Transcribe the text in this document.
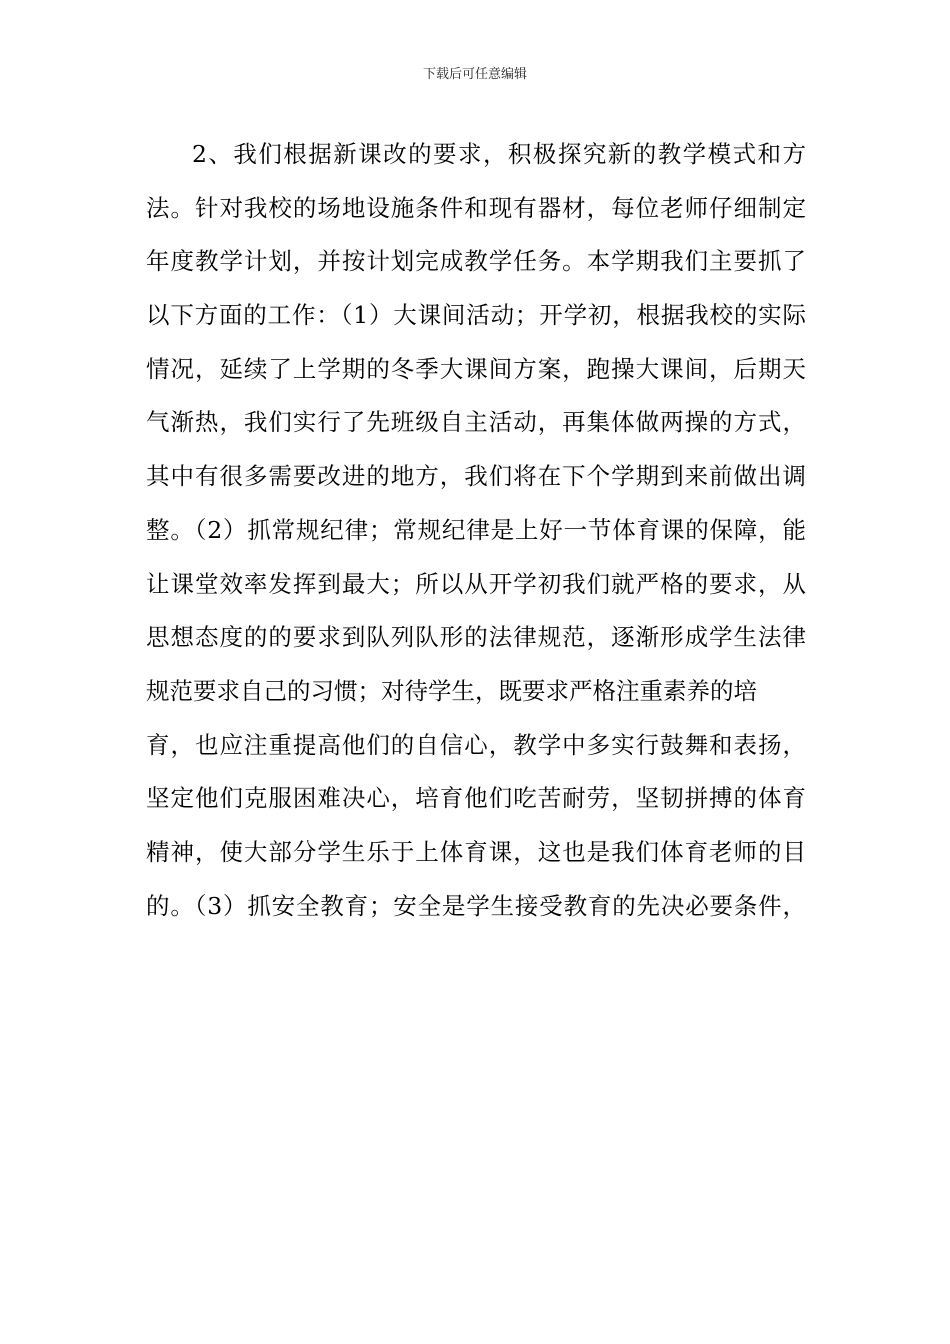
下载后可任意编辑
2、我们根据新课改的要求，积极探究新的教学模式和方
法。针对我校的场地设施条件和现有器材，每位老师仔细制定
年度教学计划，并按计划完成教学任务。本学期我们主要抓了
以下方面的工作：（1）大课间活动；开学初，根据我校的实际
情况，延续了上学期的冬季大课间方案，跑操大课间，后期天
气渐热，我们实行了先班级自主活动，再集体做两操的方式，
其中有很多需要改进的地方，我们将在下个学期到来前做出调
整。（2）抓常规纪律；常规纪律是上好一节体育课的保障，能
让课堂效率发挥到最大；所以从开学初我们就严格的要求，从
思想态度的的要求到队列队形的法律规范，逐渐形成学生法律
规范要求自己的习惯；对待学生，既要求严格注重素养的培
育，也应注重提高他们的自信心，教学中多实行鼓舞和表扬，
坚定他们克服困难决心，培育他们吃苦耐劳，坚韧拼搏的体育
精神，使大部分学生乐于上体育课，这也是我们体育老师的目
的。（3）抓安全教育；安全是学生接受教育的先决必要条件，
